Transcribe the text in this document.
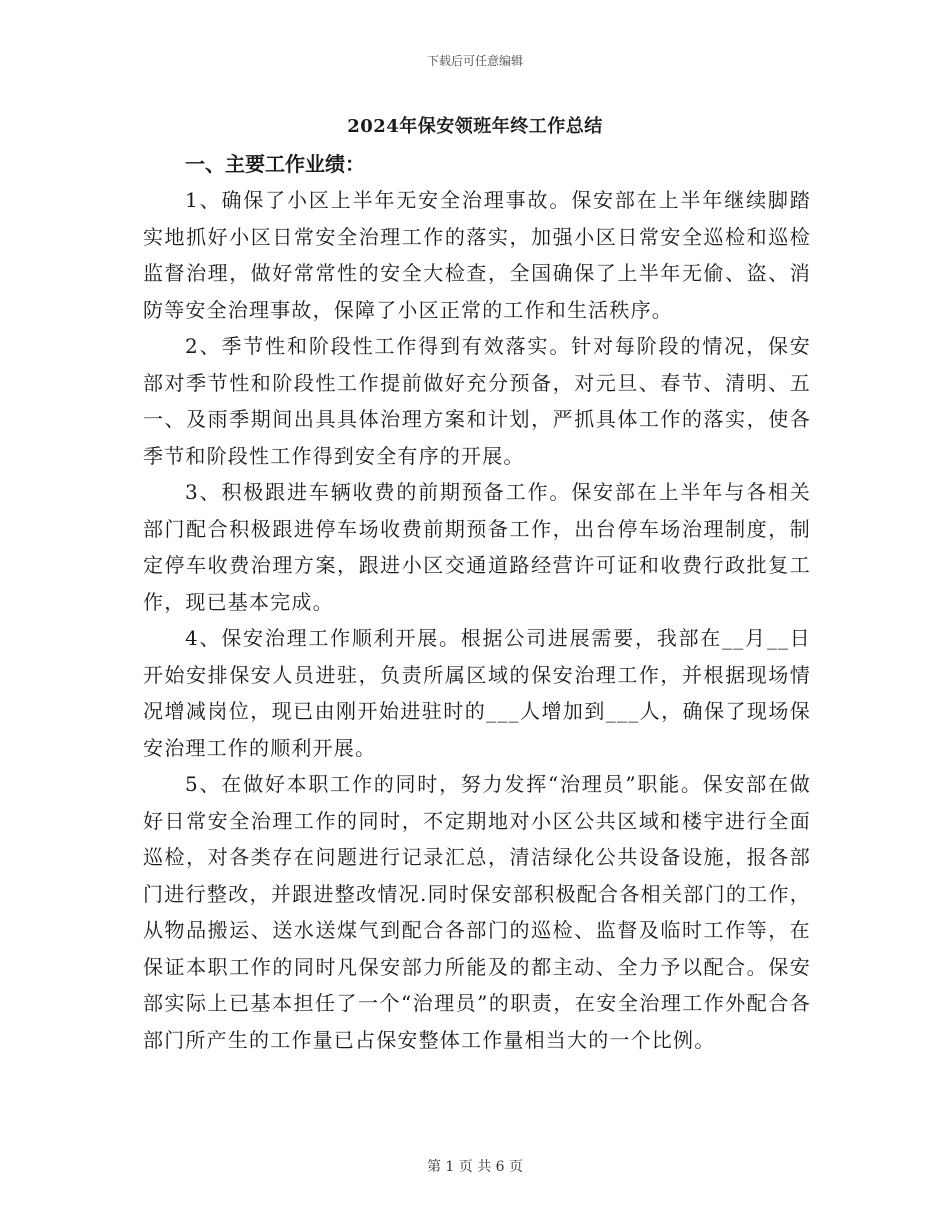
下载后可任意编辑
2024年保安领班年终工作总结

一、主要工作业绩：

1、确保了小区上半年无安全治理事故。保安部在上半年继续脚踏实地抓好小区日常安全治理工作的落实，加强小区日常安全巡检和巡检监督治理，做好常常性的安全大检查，全国确保了上半年无偷、盗、消防等安全治理事故，保障了小区正常的工作和生活秩序。

2、季节性和阶段性工作得到有效落实。针对每阶段的情况，保安部对季节性和阶段性工作提前做好充分预备，对元旦、春节、清明、五一、及雨季期间出具具体治理方案和计划，严抓具体工作的落实，使各季节和阶段性工作得到安全有序的开展。

3、积极跟进车辆收费的前期预备工作。保安部在上半年与各相关部门配合积极跟进停车场收费前期预备工作，出台停车场治理制度，制定停车收费治理方案，跟进小区交通道路经营许可证和收费行政批复工作，现已基本完成。

4、保安治理工作顺利开展。根据公司进展需要，我部在__月__日开始安排保安人员进驻，负责所属区域的保安治理工作，并根据现场情况增减岗位，现已由刚开始进驻时的___人增加到___人，确保了现场保安治理工作的顺利开展。

5、在做好本职工作的同时，努力发挥“治理员”职能。保安部在做好日常安全治理工作的同时，不定期地对小区公共区域和楼宇进行全面巡检，对各类存在问题进行记录汇总，清洁绿化公共设备设施，报各部门进行整改，并跟进整改情况.同时保安部积极配合各相关部门的工作，从物品搬运、送水送煤气到配合各部门的巡检、监督及临时工作等，在保证本职工作的同时凡保安部力所能及的都主动、全力予以配合。保安部实际上已基本担任了一个“治理员”的职责，在安全治理工作外配合各部门所产生的工作量已占保安整体工作量相当大的一个比例。

第 1 页 共 6 页
